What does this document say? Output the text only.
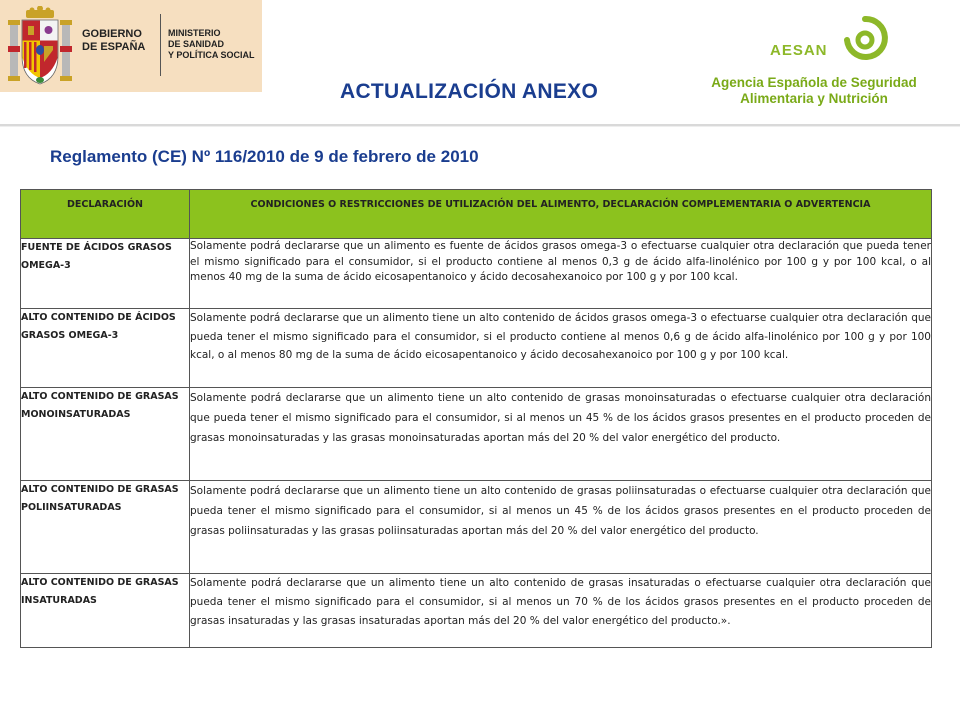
GOBIERNO
DE ESPAÑA
MINISTERIO
DE SANIDAD
Y POLÍTICA SOCIAL	AESAN
Agencia Española de Seguridad
Alimentaria y Nutrición
ACTUALIZACIÓN ANEXO
Reglamento (CE) Nº 116/2010 de 9 de febrero de 2010
DECLARACIÓN	CONDICIONES O RESTRICCIONES DE UTILIZACIÓN DEL ALIMENTO, DECLARACIÓN COMPLEMENTARIA O ADVERTENCIA
FUENTE DE ÁCIDOS GRASOS OMEGA-3	Solamente podrá declararse que un alimento es fuente de ácidos grasos omega-3 o efectuarse cualquier otra declaración que pueda tener el mismo significado para el consumidor, si el producto contiene al menos 0,3 g de ácido alfa-linolénico por 100 g y por 100 kcal, o al menos 40 mg de la suma de ácido eicosapentanoico y ácido decosahexanoico por 100 g y por 100 kcal.
ALTO CONTENIDO DE ÁCIDOS GRASOS OMEGA-3	Solamente podrá declararse que un alimento tiene un alto contenido de ácidos grasos omega-3 o efectuarse cualquier otra declaración que pueda tener el mismo significado para el consumidor, si el producto contiene al menos 0,6 g de ácido alfa-linolénico por 100 g y por 100 kcal, o al menos 80 mg de la suma de ácido eicosapentanoico y ácido decosahexanoico por 100 g y por 100 kcal.
ALTO CONTENIDO DE GRASAS MONOINSATURADAS	Solamente podrá declararse que un alimento tiene un alto contenido de grasas monoinsaturadas o efectuarse cualquier otra declaración que pueda tener el mismo significado para el consumidor, si al menos un 45 % de los ácidos grasos presentes en el producto proceden de grasas monoinsaturadas y las grasas monoinsaturadas aportan más del 20 % del valor energético del producto.
ALTO CONTENIDO DE GRASAS POLIINSATURADAS	Solamente podrá declararse que un alimento tiene un alto contenido de grasas poliinsaturadas o efectuarse cualquier otra declaración que pueda tener el mismo significado para el consumidor, si al menos un 45 % de los ácidos grasos presentes en el producto proceden de grasas poliinsaturadas y las grasas poliinsaturadas aportan más del 20 % del valor energético del producto.
ALTO CONTENIDO DE GRASAS INSATURADAS	Solamente podrá declararse que un alimento tiene un alto contenido de grasas insaturadas o efectuarse cualquier otra declaración que pueda tener el mismo significado para el consumidor, si al menos un 70 % de los ácidos grasos presentes en el producto proceden de grasas insaturadas y las grasas insaturadas aportan más del 20 % del valor energético del producto.».
